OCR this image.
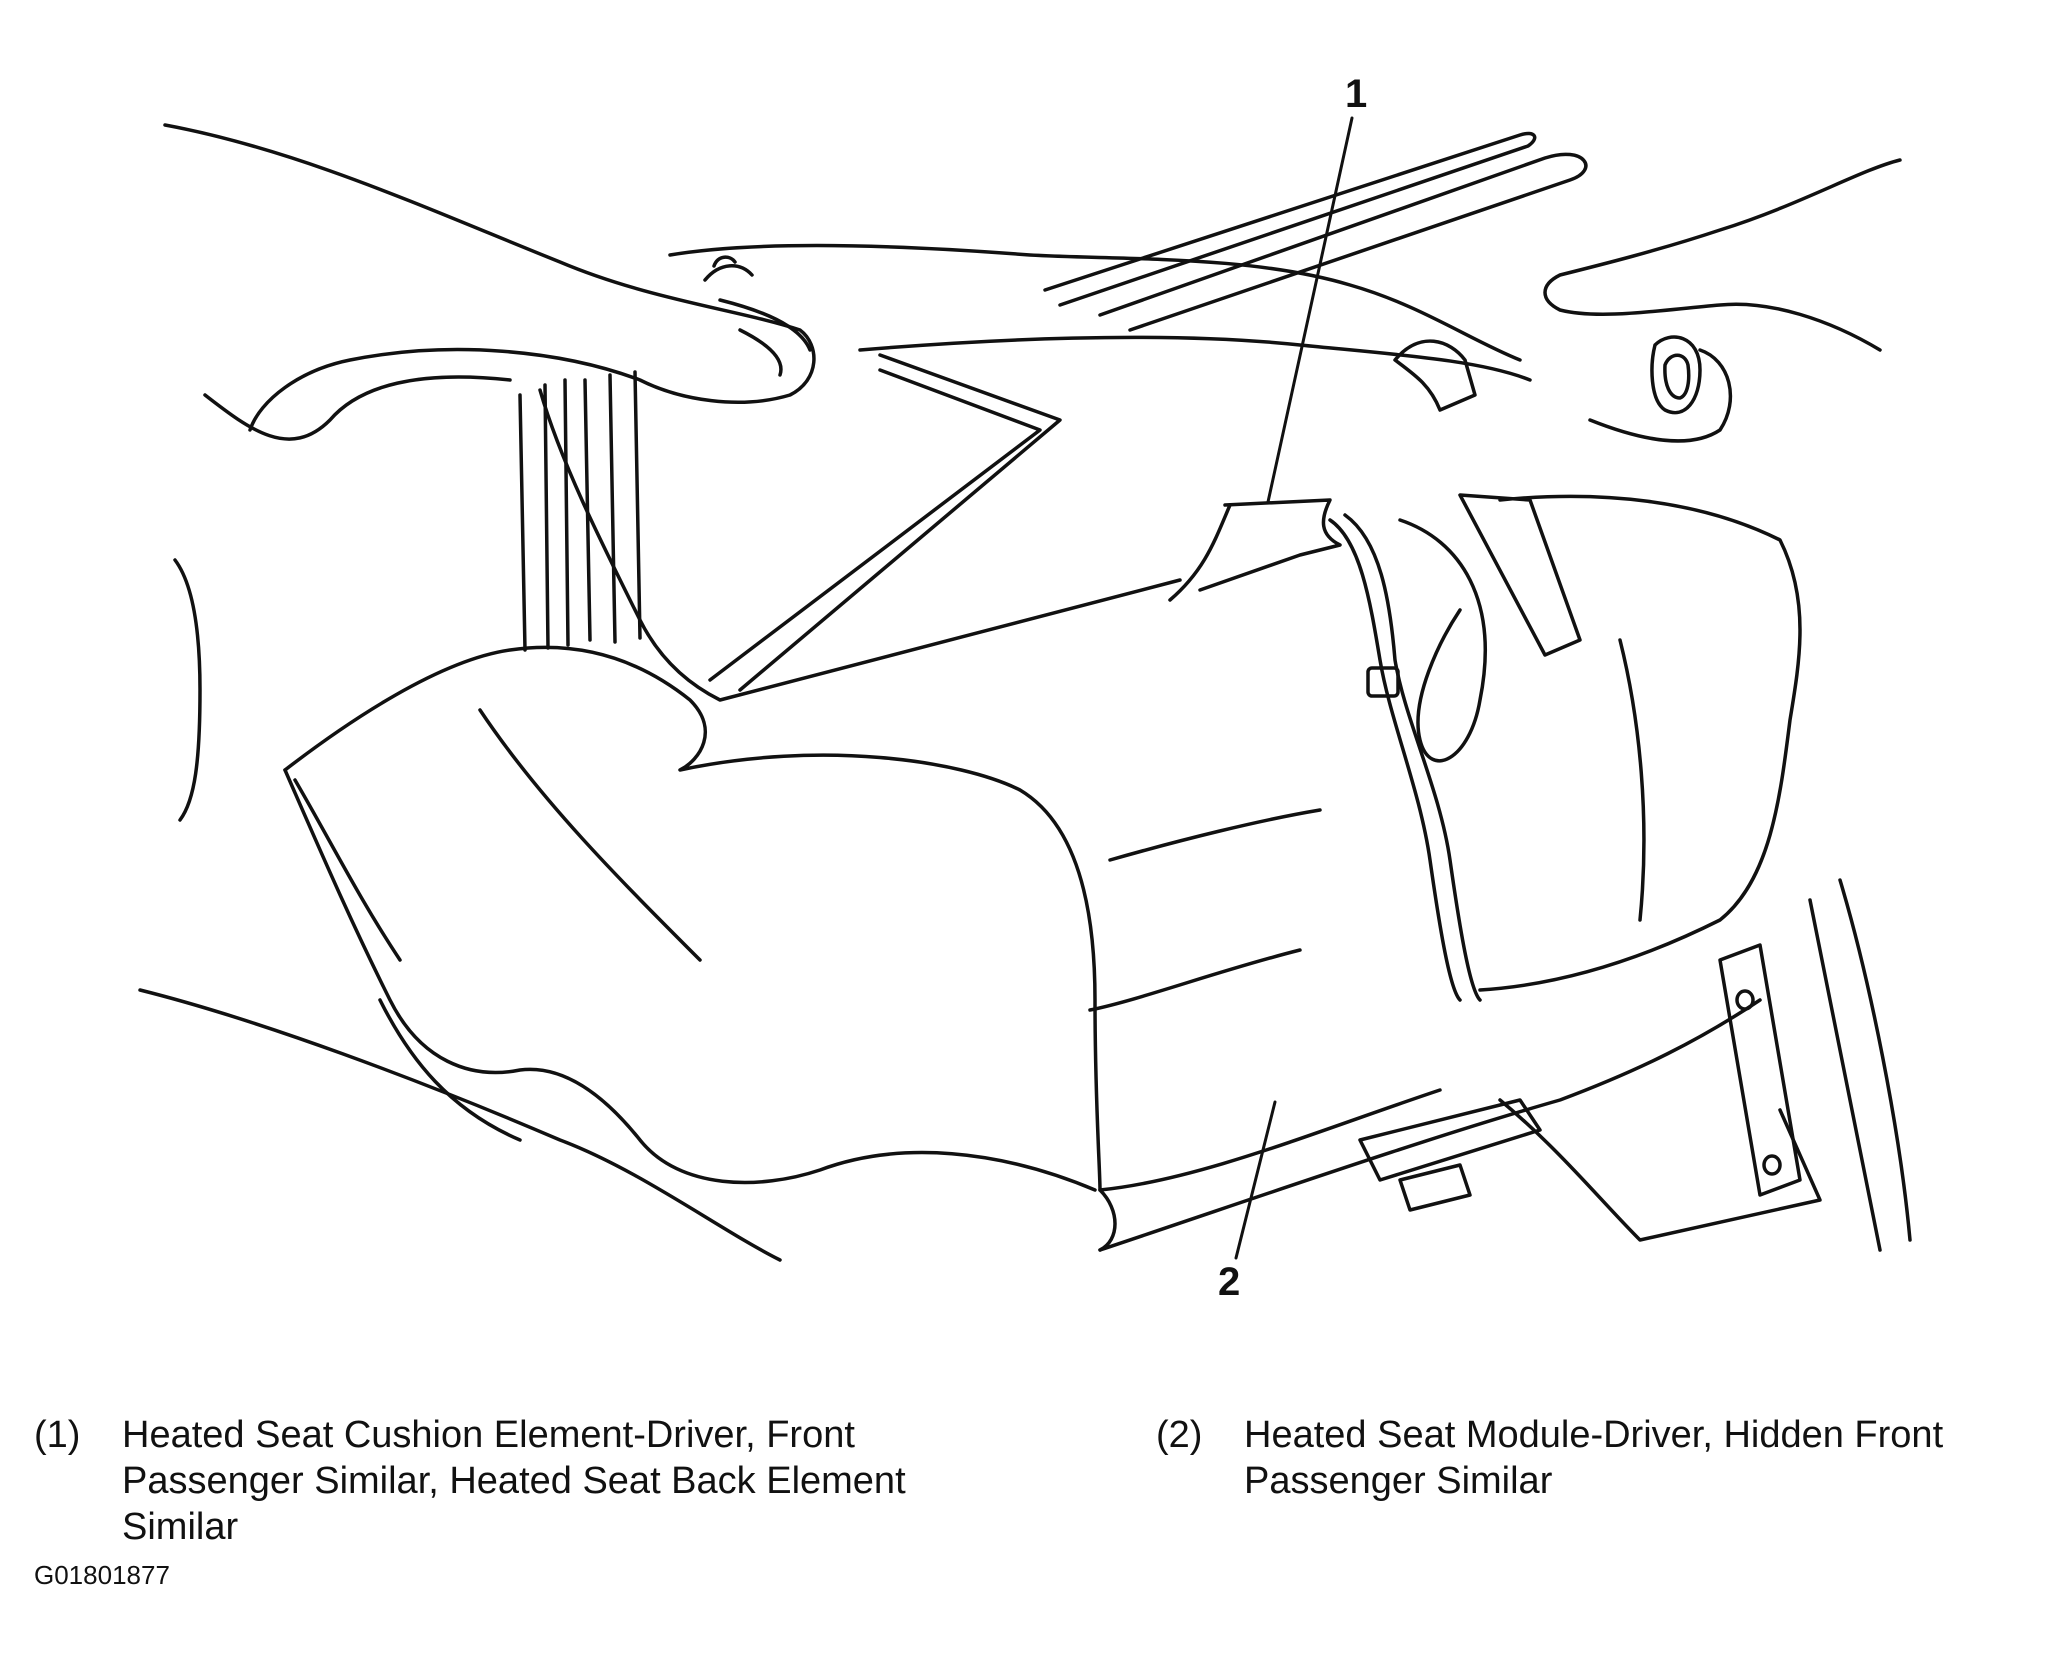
1
2
(1)	Heated Seat Cushion Element-Driver, Front Passenger Similar, Heated Seat Back Element Similar
(2)	Heated Seat Module-Driver, Hidden Front Passenger Similar
G01801877
